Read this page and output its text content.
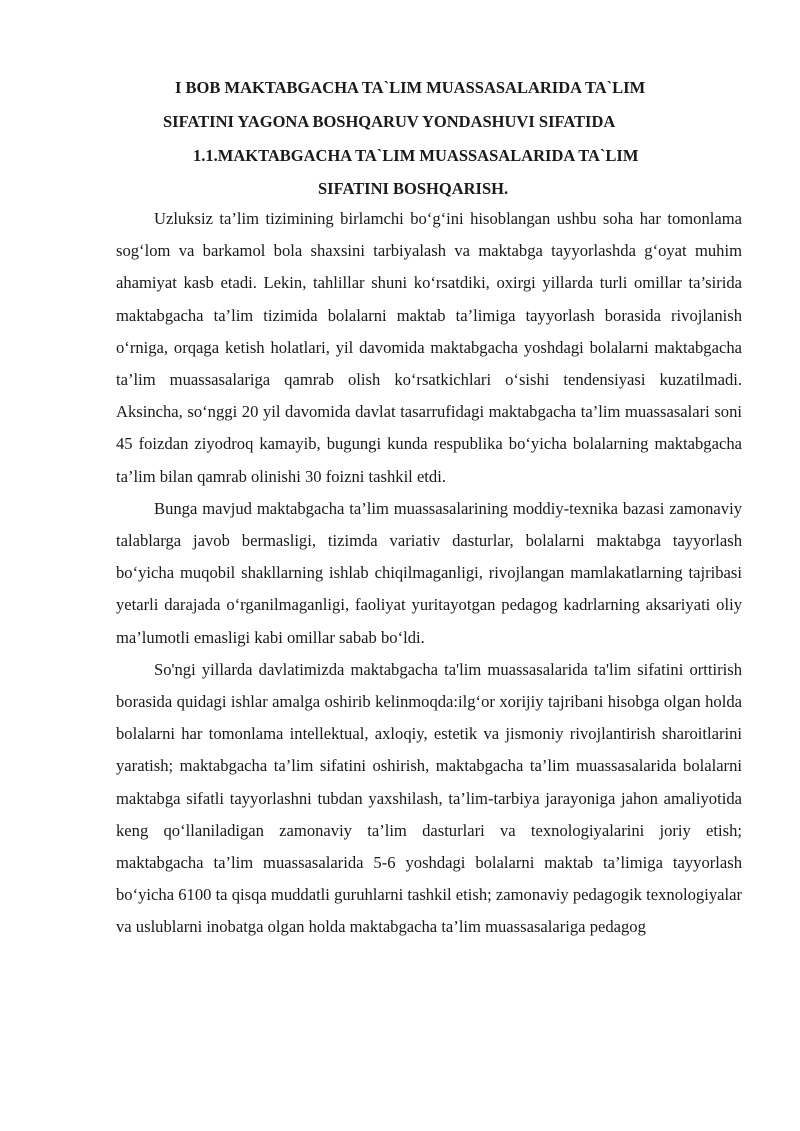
I BOB MAKTABGACHA TA`LIM MUASSASALARIDA TA`LIM
SIFATINI YAGONA BOSHQARUV YONDASHUVI SIFATIDA
1.1.MAKTABGACHA TA`LIM MUASSASALARIDA TA`LIM
SIFATINI BOSHQARISH.

Uzluksiz ta’lim tizimining birlamchi bo‘g‘ini hisoblangan ushbu soha har tomonlama sog‘lom va barkamol bola shaxsini tarbiyalash va maktabga tayyorlashda g‘oyat muhim ahamiyat kasb etadi. Lekin, tahlillar shuni ko‘rsatdiki, oxirgi yillarda turli omillar ta’sirida maktabgacha ta’lim tizimida bolalarni maktab ta’limiga tayyorlash borasida rivojlanish o‘rniga, orqaga ketish holatlari, yil davomida maktabgacha yoshdagi bolalarni maktabgacha ta’lim muassasalariga qamrab olish ko‘rsatkichlari o‘sishi tendensiyasi kuzatilmadi. Aksincha, so‘nggi 20 yil davomida davlat tasarrufidagi maktabgacha ta’lim muassasalari soni 45 foizdan ziyodroq kamayib, bugungi kunda respublika bo‘yicha bolalarning maktabgacha ta’lim bilan qamrab olinishi 30 foizni tashkil etdi.

Bunga mavjud maktabgacha ta’lim muassasalarining moddiy-texnika bazasi zamonaviy talablarga javob bermasligi, tizimda variativ dasturlar, bolalarni maktabga tayyorlash bo‘yicha muqobil shakllarning ishlab chiqilmaganligi, rivojlangan mamlakatlarning tajribasi yetarli darajada o‘rganilmaganligi, faoliyat yuritayotgan pedagog kadrlarning aksariyati oliy ma’lumotli emasligi kabi omillar sabab bo‘ldi.

So'ngi yillarda davlatimizda maktabgacha ta'lim muassasalarida ta'lim sifatini orttirish borasida quidagi ishlar amalga oshirib kelinmoqda:ilg‘or xorijiy tajribani hisobga olgan holda bolalarni har tomonlama intellektual, axloqiy, estetik va jismoniy rivojlantirish sharoitlarini yaratish; maktabgacha ta’lim sifatini oshirish, maktabgacha ta’lim muassasalarida bolalarni maktabga sifatli tayyorlashni tubdan yaxshilash, ta’lim-tarbiya jarayoniga jahon amaliyotida keng qo‘llaniladigan zamonaviy ta’lim dasturlari va texnologiyalarini joriy etish; maktabgacha ta’lim muassasalarida 5-6 yoshdagi bolalarni maktab ta’limiga tayyorlash bo‘yicha 6100 ta qisqa muddatli guruhlarni tashkil etish; zamonaviy pedagogik texnologiyalar va uslublarni inobatga olgan holda maktabgacha ta’lim muassasalariga pedagog
